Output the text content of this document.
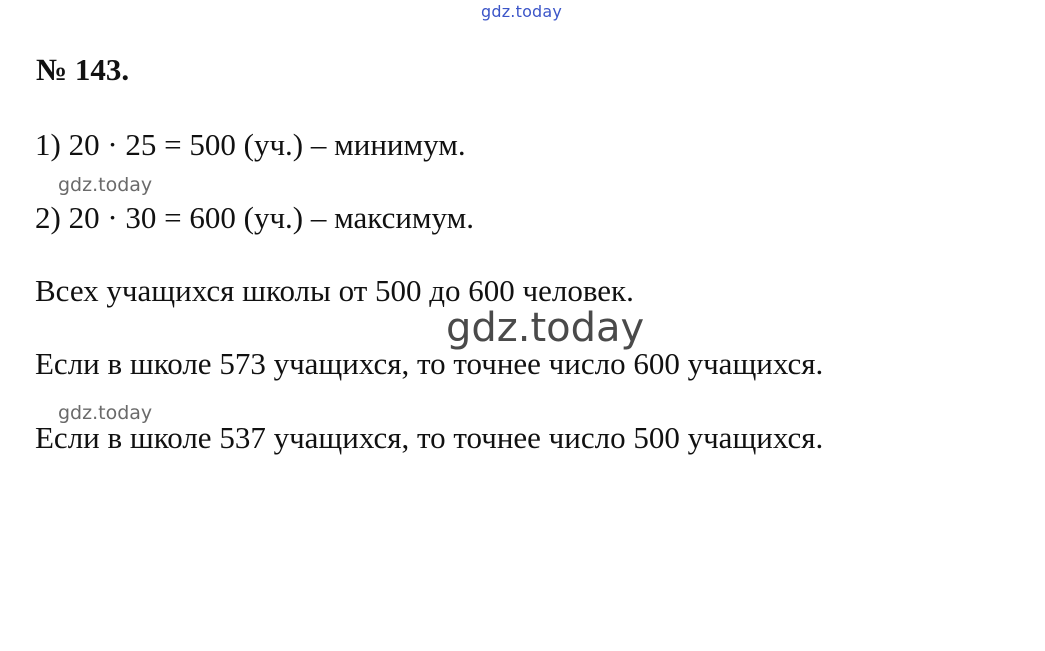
gdz.today
№ 143.
1) 20 · 25 = 500 (уч.) – минимум.
gdz.today
2) 20 · 30 = 600 (уч.) – максимум.
Всех учащихся школы от 500 до 600 человек.
gdz.today
Если в школе 573 учащихся, то точнее число 600 учащихся.
gdz.today
Если в школе 537 учащихся, то точнее число 500 учащихся.
